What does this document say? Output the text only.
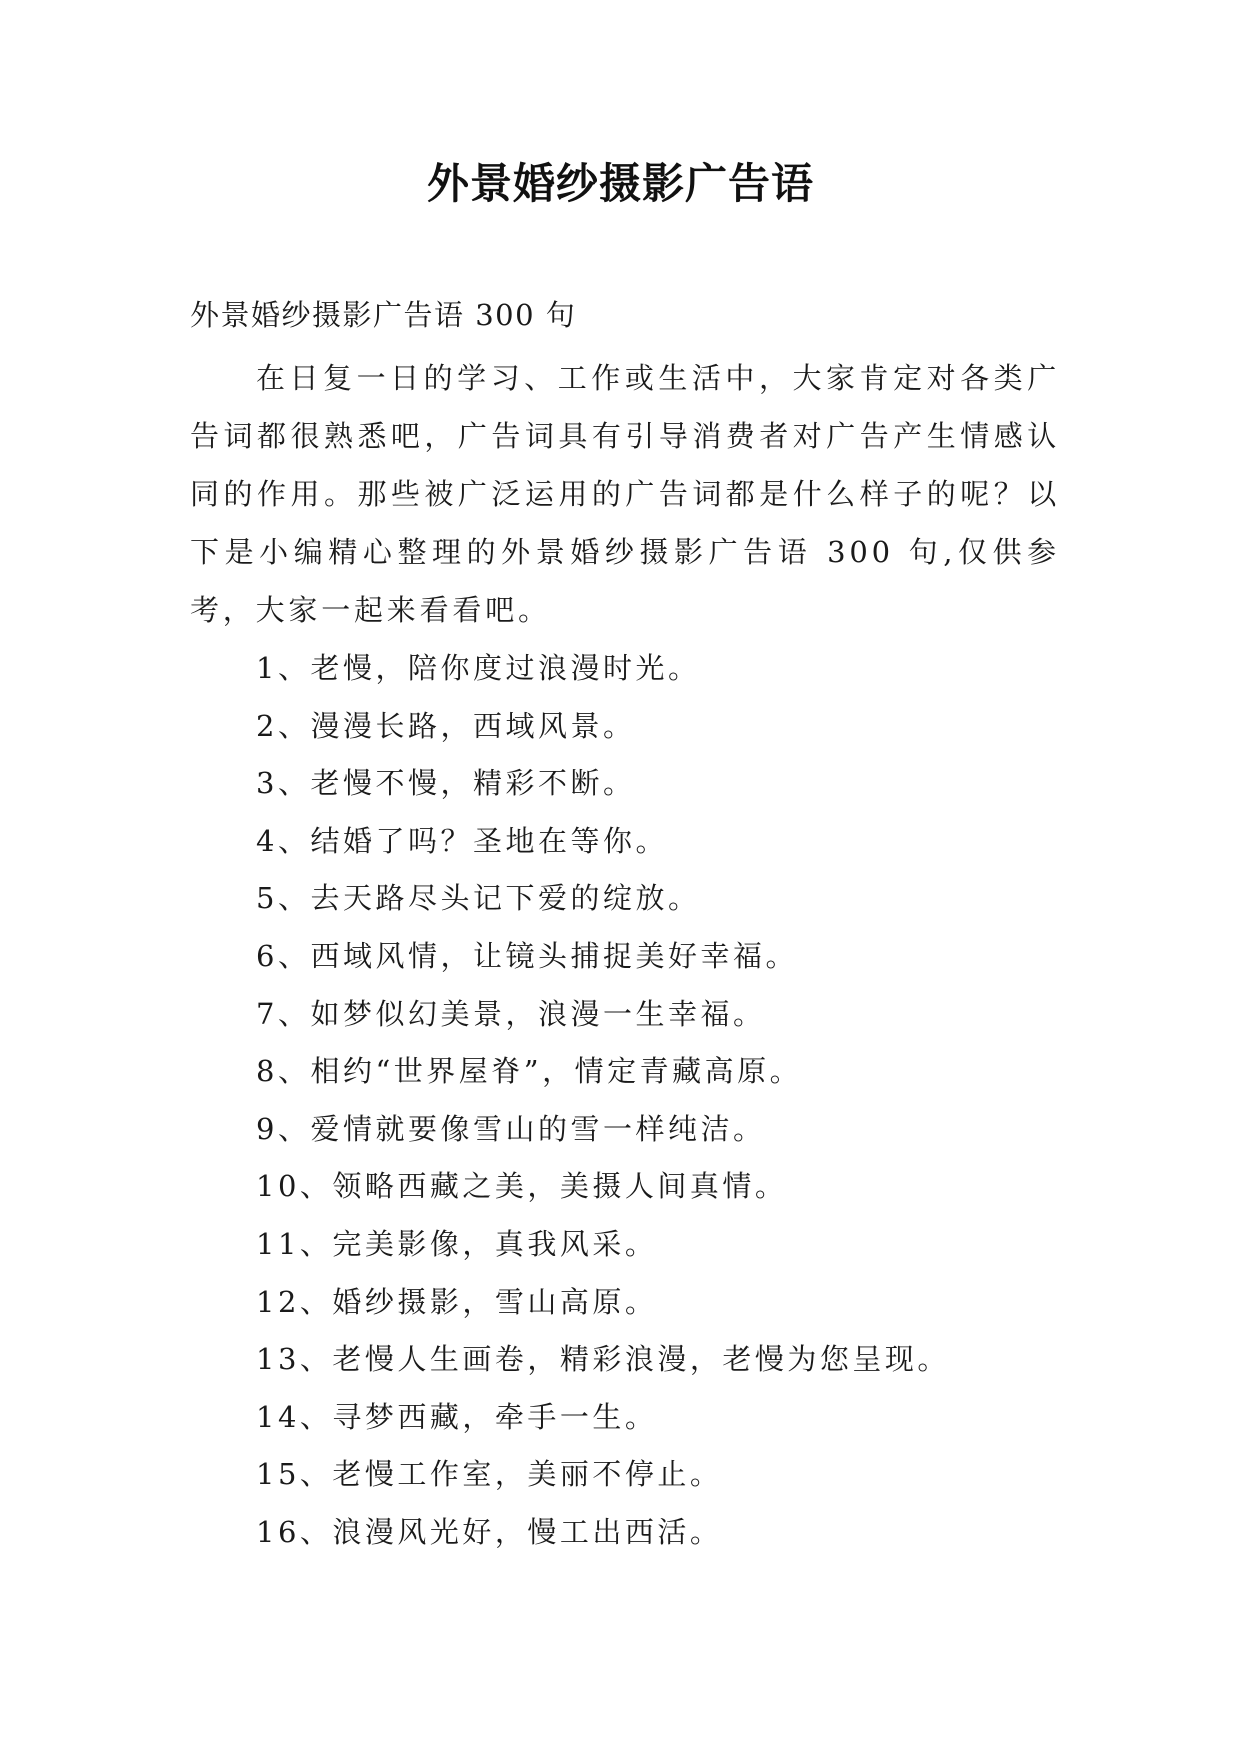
外景婚纱摄影广告语
外景婚纱摄影广告语 300 句

在日复一日的学习、工作或生活中，大家肯定对各类广告词都很熟悉吧，广告词具有引导消费者对广告产生情感认同的作用。那些被广泛运用的广告词都是什么样子的呢？以下是小编精心整理的外景婚纱摄影广告语 300 句,仅供参考，大家一起来看看吧。

1、老慢，陪你度过浪漫时光。
2、漫漫长路，西域风景。
3、老慢不慢，精彩不断。
4、结婚了吗？圣地在等你。
5、去天路尽头记下爱的绽放。
6、西域风情，让镜头捕捉美好幸福。
7、如梦似幻美景，浪漫一生幸福。
8、相约“世界屋脊”，情定青藏高原。
9、爱情就要像雪山的雪一样纯洁。
10、领略西藏之美，美摄人间真情。
11、完美影像，真我风采。
12、婚纱摄影，雪山高原。
13、老慢人生画卷，精彩浪漫，老慢为您呈现。
14、寻梦西藏，牵手一生。
15、老慢工作室，美丽不停止。
16、浪漫风光好，慢工出西活。
